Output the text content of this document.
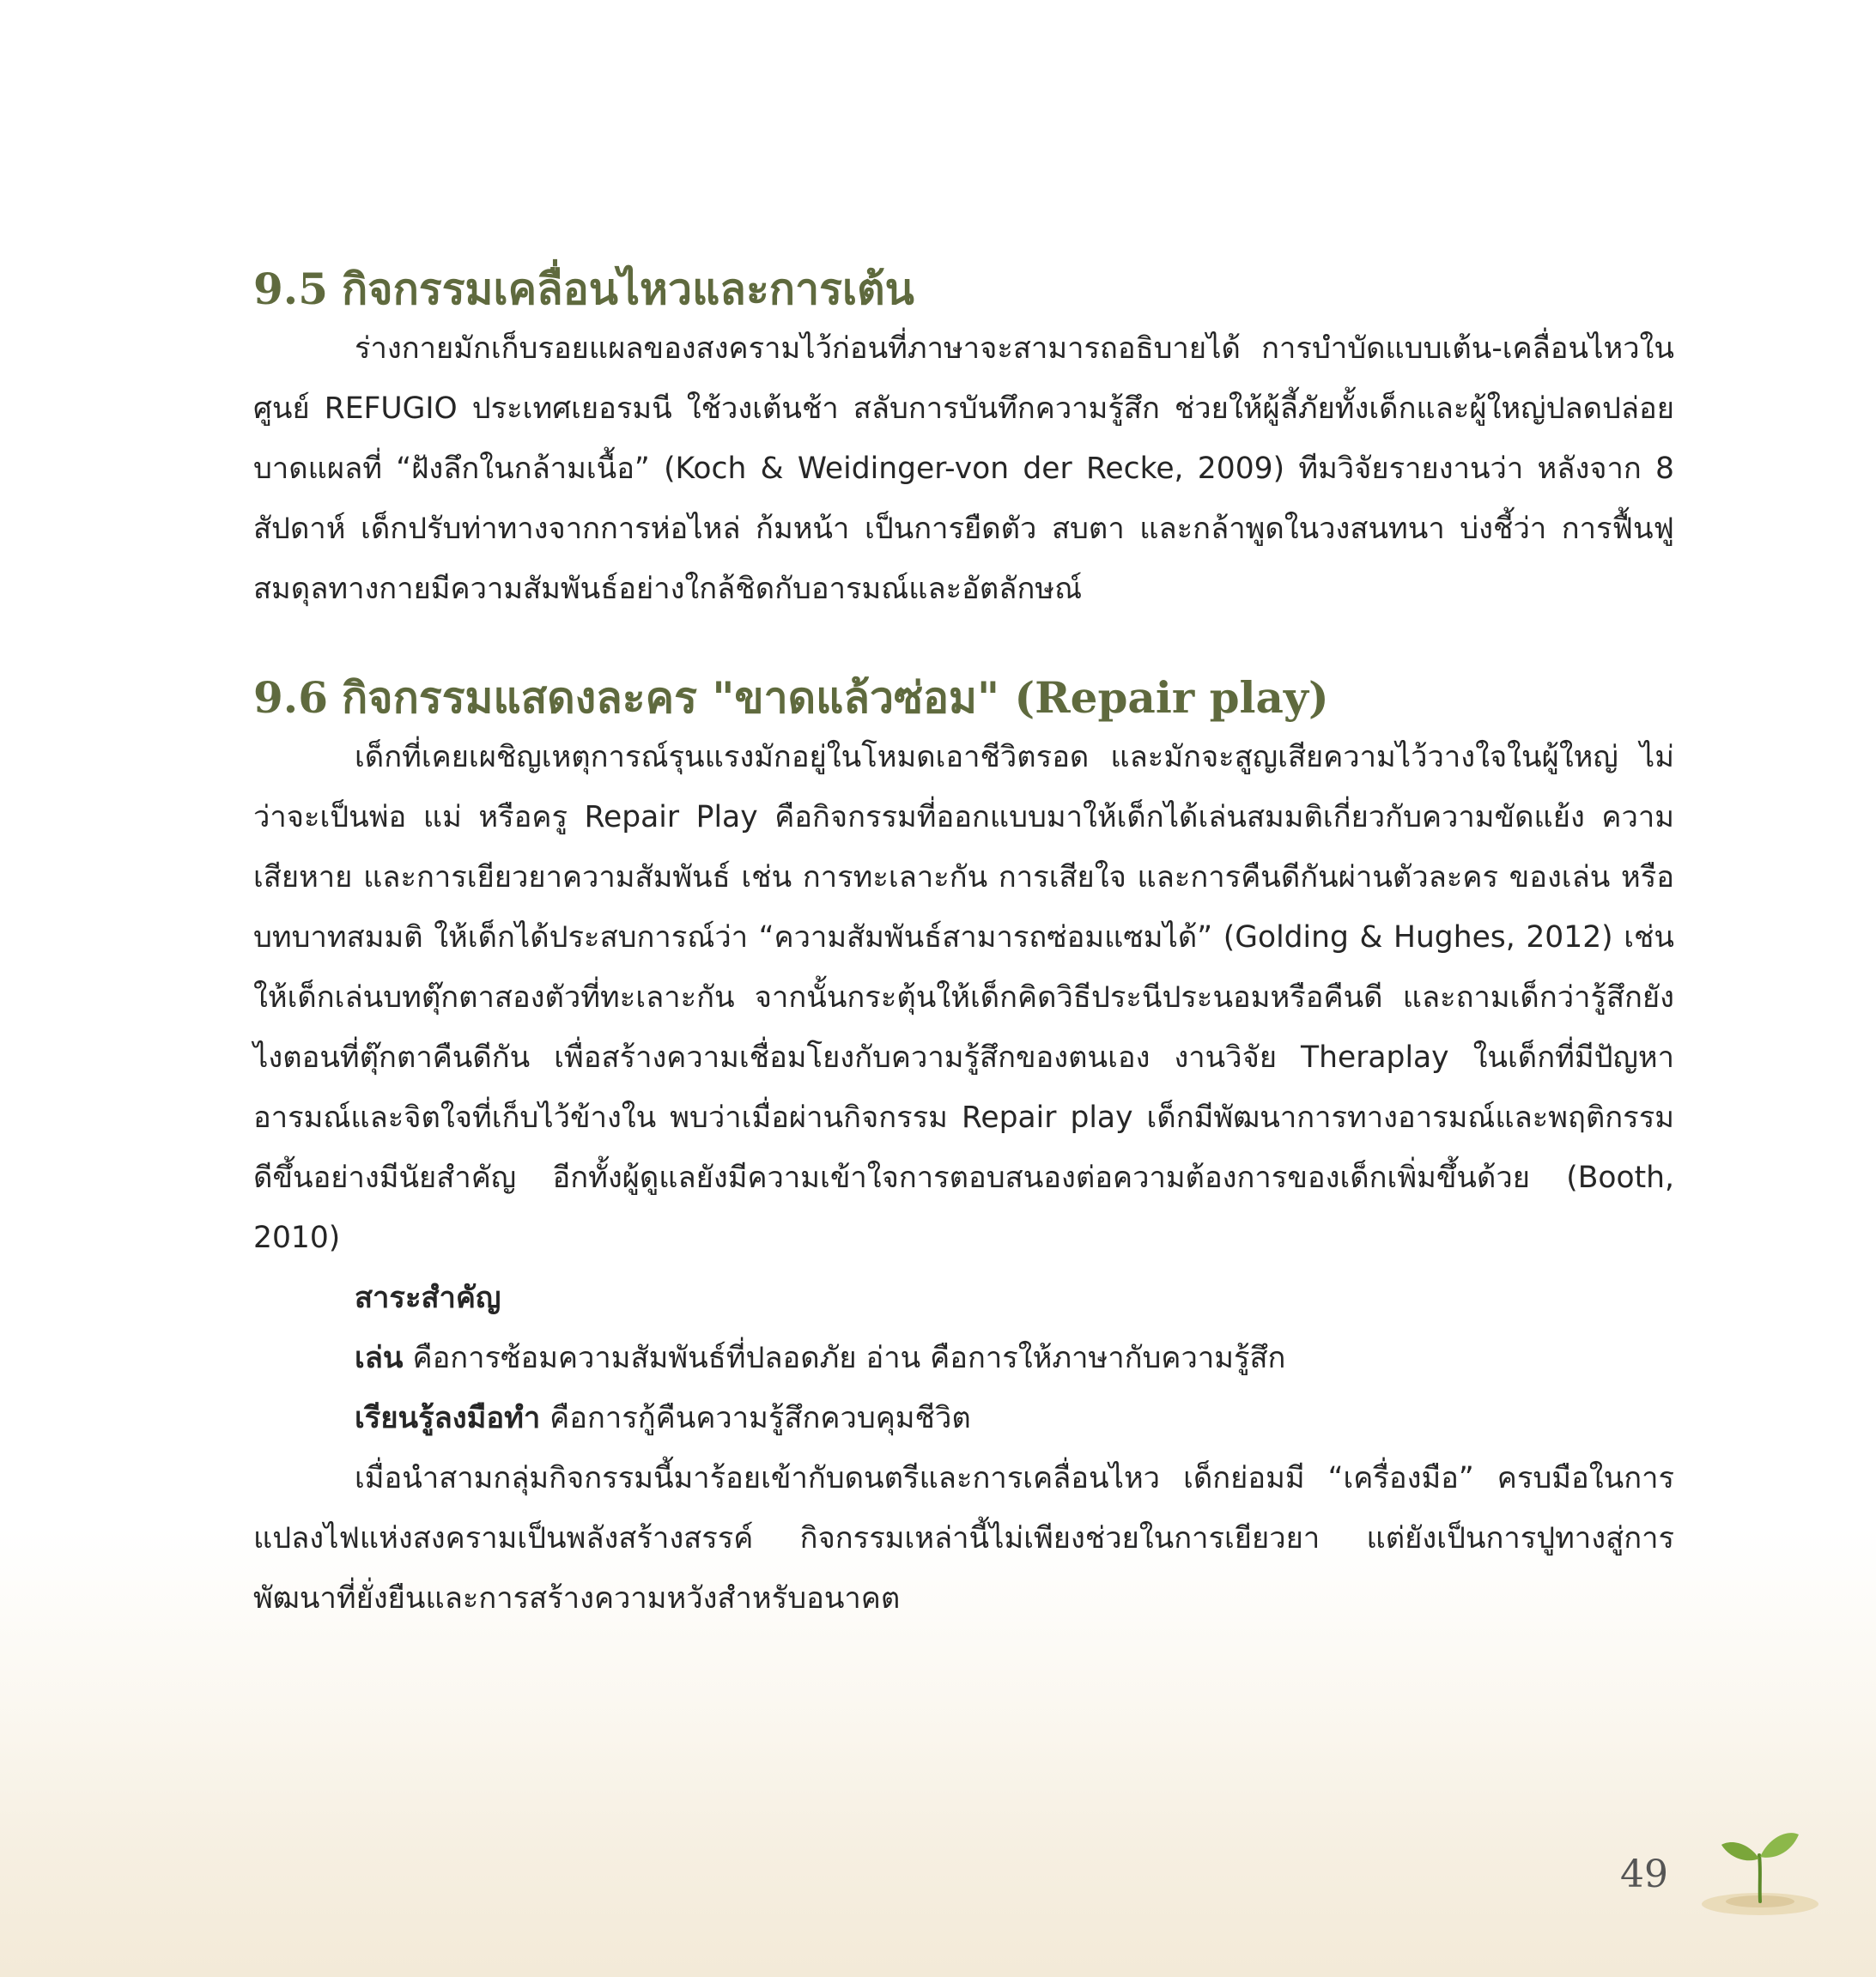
9.5 กิจกรรมเคลื่อนไหวและการเต้น

ร่างกายมักเก็บรอยแผลของสงครามไว้ก่อนที่ภาษาจะสามารถอธิบายได้ การบำบัดแบบเต้น-เคลื่อนไหวในศูนย์ REFUGIO ประเทศเยอรมนี ใช้วงเต้นช้า สลับการบันทึกความรู้สึก ช่วยให้ผู้ลี้ภัยทั้งเด็กและผู้ใหญ่ปลดปล่อยบาดแผลที่ “ฝังลึกในกล้ามเนื้อ” (Koch & Weidinger-von der Recke, 2009) ทีมวิจัยรายงานว่า หลังจาก 8 สัปดาห์ เด็กปรับท่าทางจากการห่อไหล่ ก้มหน้า เป็นการยืดตัว สบตา และกล้าพูดในวงสนทนา บ่งชี้ว่า การฟื้นฟูสมดุลทางกายมีความสัมพันธ์อย่างใกล้ชิดกับอารมณ์และอัตลักษณ์

9.6 กิจกรรมแสดงละคร "ขาดแล้วซ่อม" (Repair play)

เด็กที่เคยเผชิญเหตุการณ์รุนแรงมักอยู่ในโหมดเอาชีวิตรอด และมักจะสูญเสียความไว้วางใจในผู้ใหญ่ ไม่ว่าจะเป็นพ่อ แม่ หรือครู Repair Play คือกิจกรรมที่ออกแบบมาให้เด็กได้เล่นสมมติเกี่ยวกับความขัดแย้ง ความเสียหาย และการเยียวยาความสัมพันธ์ เช่น การทะเลาะกัน การเสียใจ และการคืนดีกันผ่านตัวละคร ของเล่น หรือบทบาทสมมติ ให้เด็กได้ประสบการณ์ว่า “ความสัมพันธ์สามารถซ่อมแซมได้” (Golding & Hughes, 2012) เช่น ให้เด็กเล่นบทตุ๊กตาสองตัวที่ทะเลาะกัน จากนั้นกระตุ้นให้เด็กคิดวิธีประนีประนอมหรือคืนดี และถามเด็กว่ารู้สึกยังไงตอนที่ตุ๊กตาคืนดีกัน เพื่อสร้างความเชื่อมโยงกับความรู้สึกของตนเอง งานวิจัย Theraplay ในเด็กที่มีปัญหาอารมณ์และจิตใจที่เก็บไว้ข้างใน พบว่าเมื่อผ่านกิจกรรม Repair play เด็กมีพัฒนาการทางอารมณ์และพฤติกรรมดีขึ้นอย่างมีนัยสำคัญ อีกทั้งผู้ดูแลยังมีความเข้าใจการตอบสนองต่อความต้องการของเด็กเพิ่มขึ้นด้วย (Booth, 2010)

สาระสำคัญ

เล่น คือการซ้อมความสัมพันธ์ที่ปลอดภัย อ่าน คือการให้ภาษากับความรู้สึก

เรียนรู้ลงมือทำ คือการกู้คืนความรู้สึกควบคุมชีวิต

เมื่อนำสามกลุ่มกิจกรรมนี้มาร้อยเข้ากับดนตรีและการเคลื่อนไหว เด็กย่อมมี “เครื่องมือ” ครบมือในการแปลงไฟแห่งสงครามเป็นพลังสร้างสรรค์ กิจกรรมเหล่านี้ไม่เพียงช่วยในการเยียวยา แต่ยังเป็นการปูทางสู่การพัฒนาที่ยั่งยืนและการสร้างความหวังสำหรับอนาคต

49
